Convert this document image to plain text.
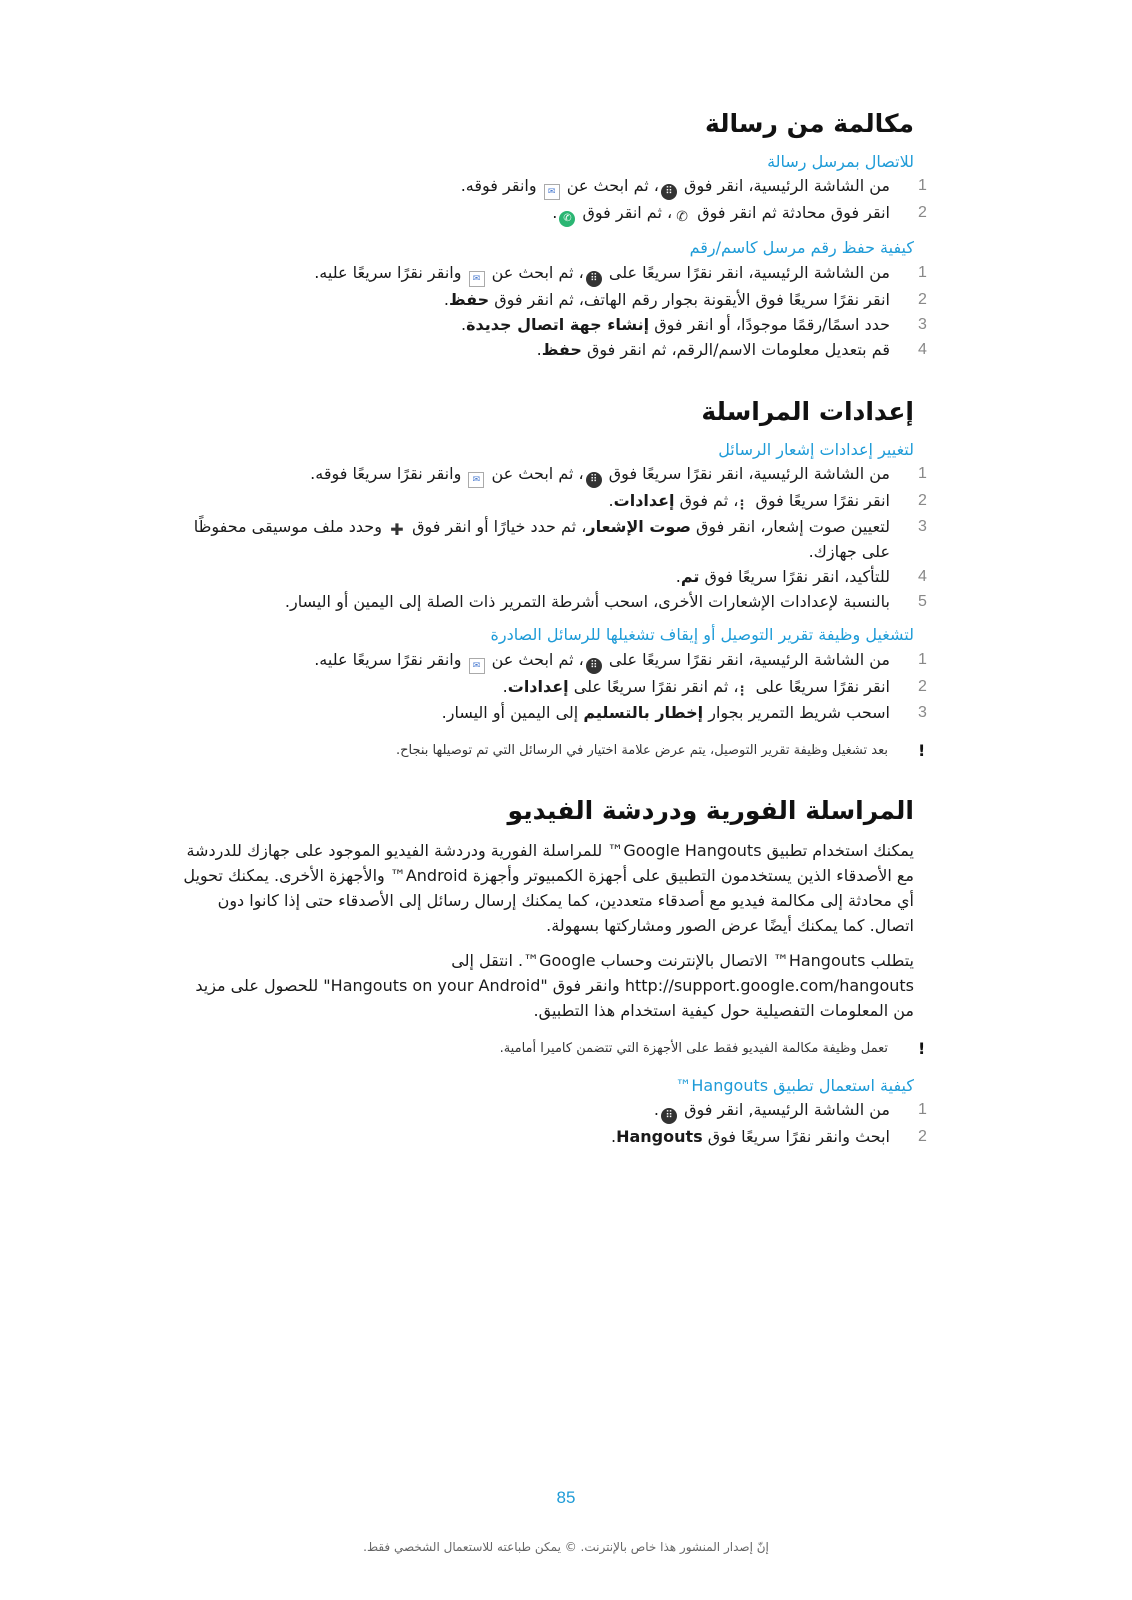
مكالمة من رسالة
للاتصال بمرسل رسالة
1
من الشاشة الرئيسية، انقر فوق ⠿، ثم ابحث عن ✉ وانقر فوقه.
2
انقر فوق محادثة ثم انقر فوق ✆، ثم انقر فوق ✆.
كيفية حفظ رقم مرسل كاسم/رقم
1
من الشاشة الرئيسية، انقر نقرًا سريعًا على ⠿، ثم ابحث عن ✉ وانقر نقرًا سريعًا عليه.
2
انقر نقرًا سريعًا فوق الأيقونة بجوار رقم الهاتف، ثم انقر فوق حفظ.
3
حدد اسمًا/رقمًا موجودًا، أو انقر فوق إنشاء جهة اتصال جديدة.
4
قم بتعديل معلومات الاسم/الرقم، ثم انقر فوق حفظ.
إعدادات المراسلة
لتغيير إعدادات إشعار الرسائل
1
من الشاشة الرئيسية، انقر نقرًا سريعًا فوق ⠿، ثم ابحث عن ✉ وانقر نقرًا سريعًا فوقه.
2
انقر نقرًا سريعًا فوق ⋮، ثم فوق إعدادات.
3
لتعيين صوت إشعار، انقر فوق صوت الإشعار، ثم حدد خيارًا أو انقر فوق ✚ وحدد ملف موسيقى محفوظًا على جهازك.
4
للتأكيد، انقر نقرًا سريعًا فوق تم.
5
بالنسبة لإعدادات الإشعارات الأخرى، اسحب أشرطة التمرير ذات الصلة إلى اليمين أو اليسار.
لتشغيل وظيفة تقرير التوصيل أو إيقاف تشغيلها للرسائل الصادرة
1
من الشاشة الرئيسية، انقر نقرًا سريعًا على ⠿، ثم ابحث عن ✉ وانقر نقرًا سريعًا عليه.
2
انقر نقرًا سريعًا على ⋮، ثم انقر نقرًا سريعًا على إعدادات.
3
اسحب شريط التمرير بجوار إخطار بالتسليم إلى اليمين أو اليسار.
!
بعد تشغيل وظيفة تقرير التوصيل، يتم عرض علامة اختيار في الرسائل التي تم توصيلها بنجاح.
المراسلة الفورية ودردشة الفيديو

يمكنك استخدام تطبيق Google Hangouts™ للمراسلة الفورية ودردشة الفيديو الموجود على جهازك للدردشة مع الأصدقاء الذين يستخدمون التطبيق على أجهزة الكمبيوتر وأجهزة Android™ والأجهزة الأخرى. يمكنك تحويل أي محادثة إلى مكالمة فيديو مع أصدقاء متعددين، كما يمكنك إرسال رسائل إلى الأصدقاء حتى إذا كانوا دون اتصال. كما يمكنك أيضًا عرض الصور ومشاركتها بسهولة.

يتطلب Hangouts™ الاتصال بالإنترنت وحساب Google™. انتقل إلى http://support.google.com/hangouts وانقر فوق "Hangouts on your Android" للحصول على مزيد من المعلومات التفصيلية حول كيفية استخدام هذا التطبيق.

!
تعمل وظيفة مكالمة الفيديو فقط على الأجهزة التي تتضمن كاميرا أمامية.
كيفية استعمال تطبيق Hangouts™
1
من الشاشة الرئيسية, انقر فوق ⠿.
2
ابحث وانقر نقرًا سريعًا فوق Hangouts.
85
إنّ إصدار المنشور هذا خاص بالإنترنت. © يمكن طباعته للاستعمال الشخصي فقط.
